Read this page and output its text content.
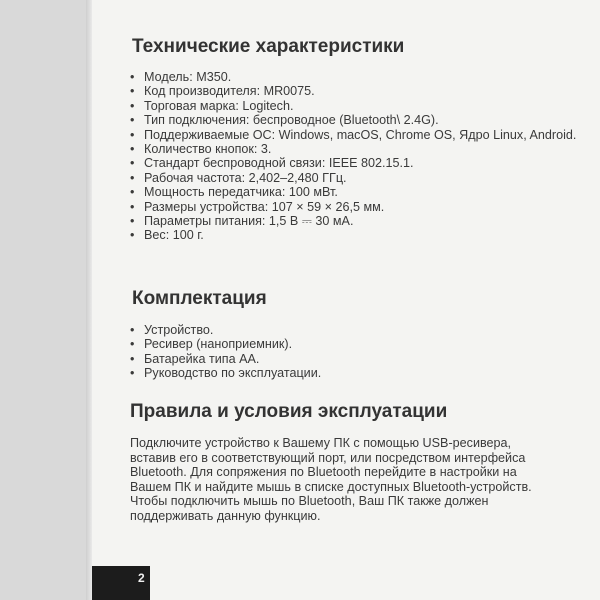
Технические характеристики
• Модель: M350.
• Код производителя: MR0075.
• Торговая марка: Logitech.
• Тип подключения: беспроводное (Bluetooth\ 2.4G).
• Поддерживаемые ОС: Windows, macOS, Chrome OS, Ядро Linux, Android.
• Количество кнопок: 3.
• Стандарт беспроводной связи: IEEE 802.15.1.
• Рабочая частота: 2,402–2,480 ГГц.
• Мощность передатчика: 100 мВт.
• Размеры устройства: 107 × 59 × 26,5 мм.
• Параметры питания: 1,5 В ⎓ 30 мА.
• Вес: 100 г.
Комплектация
• Устройство.
• Ресивер (наноприемник).
• Батарейка типа АА.
• Руководство по эксплуатации.
Правила и условия эксплуатации

Подключите устройство к Вашему ПК с помощью USB-ресивера, вставив его в соответствующий порт, или посредством интерфейса Bluetooth. Для сопряжения по Bluetooth перейдите в настройки на Вашем ПК и найдите мышь в списке доступных Bluetooth-устройств. Чтобы подключить мышь по Bluetooth, Ваш ПК также должен поддерживать данную функцию.

2
